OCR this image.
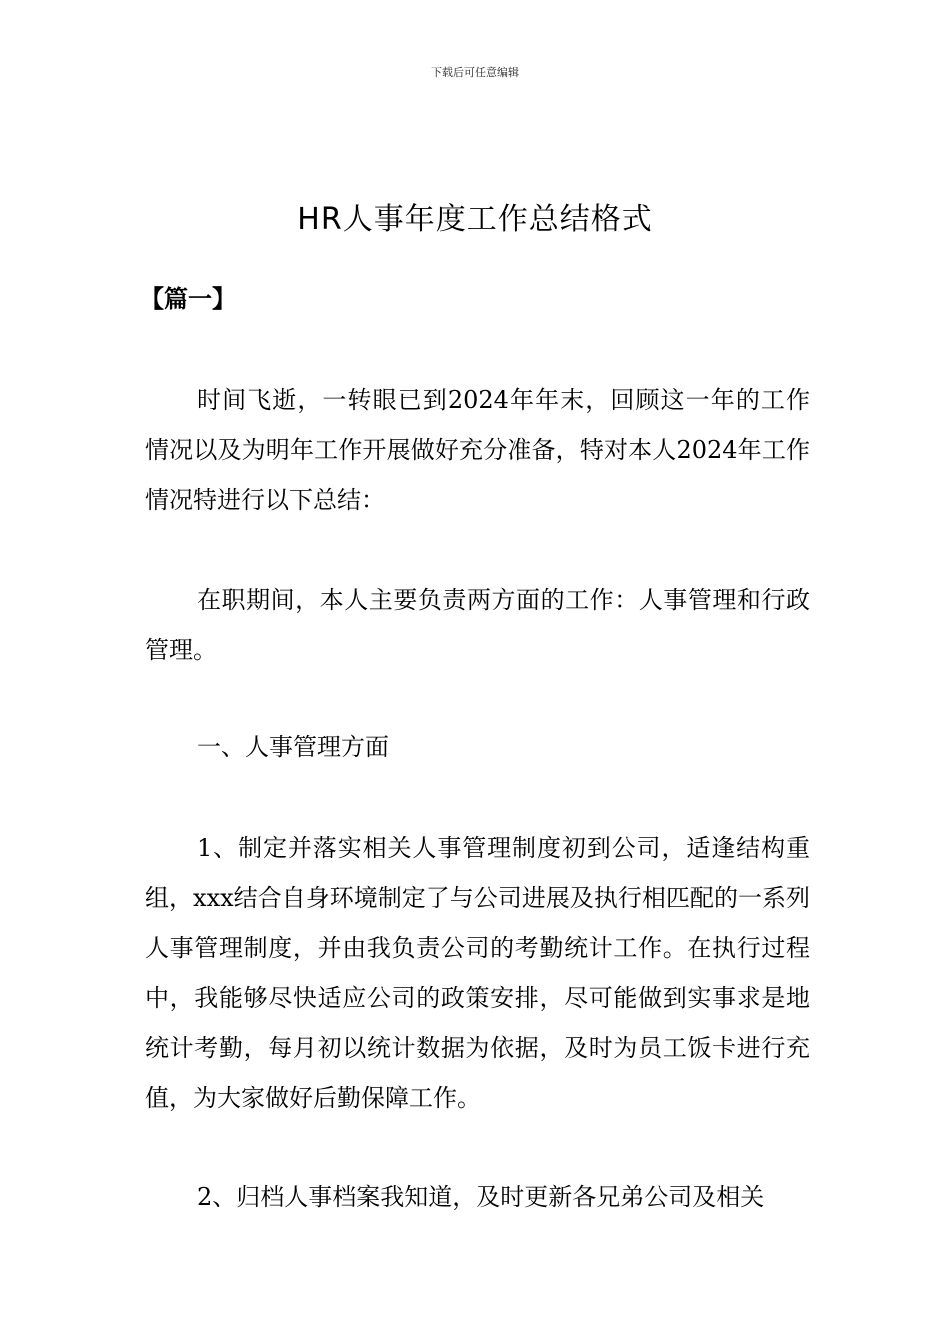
下载后可任意编辑
HR人事年度工作总结格式
【篇一】

时间飞逝，一转眼已到2024年年末，回顾这一年的工作情况以及为明年工作开展做好充分准备，特对本人2024年工作情况特进行以下总结：

在职期间，本人主要负责两方面的工作：人事管理和行政管理。

一、人事管理方面

1、制定并落实相关人事管理制度初到公司，适逢结构重组，xxx结合自身环境制定了与公司进展及执行相匹配的一系列人事管理制度，并由我负责公司的考勤统计工作。在执行过程中，我能够尽快适应公司的政策安排，尽可能做到实事求是地统计考勤，每月初以统计数据为依据，及时为员工饭卡进行充值，为大家做好后勤保障工作。

2、归档人事档案我知道，及时更新各兄弟公司及相关
